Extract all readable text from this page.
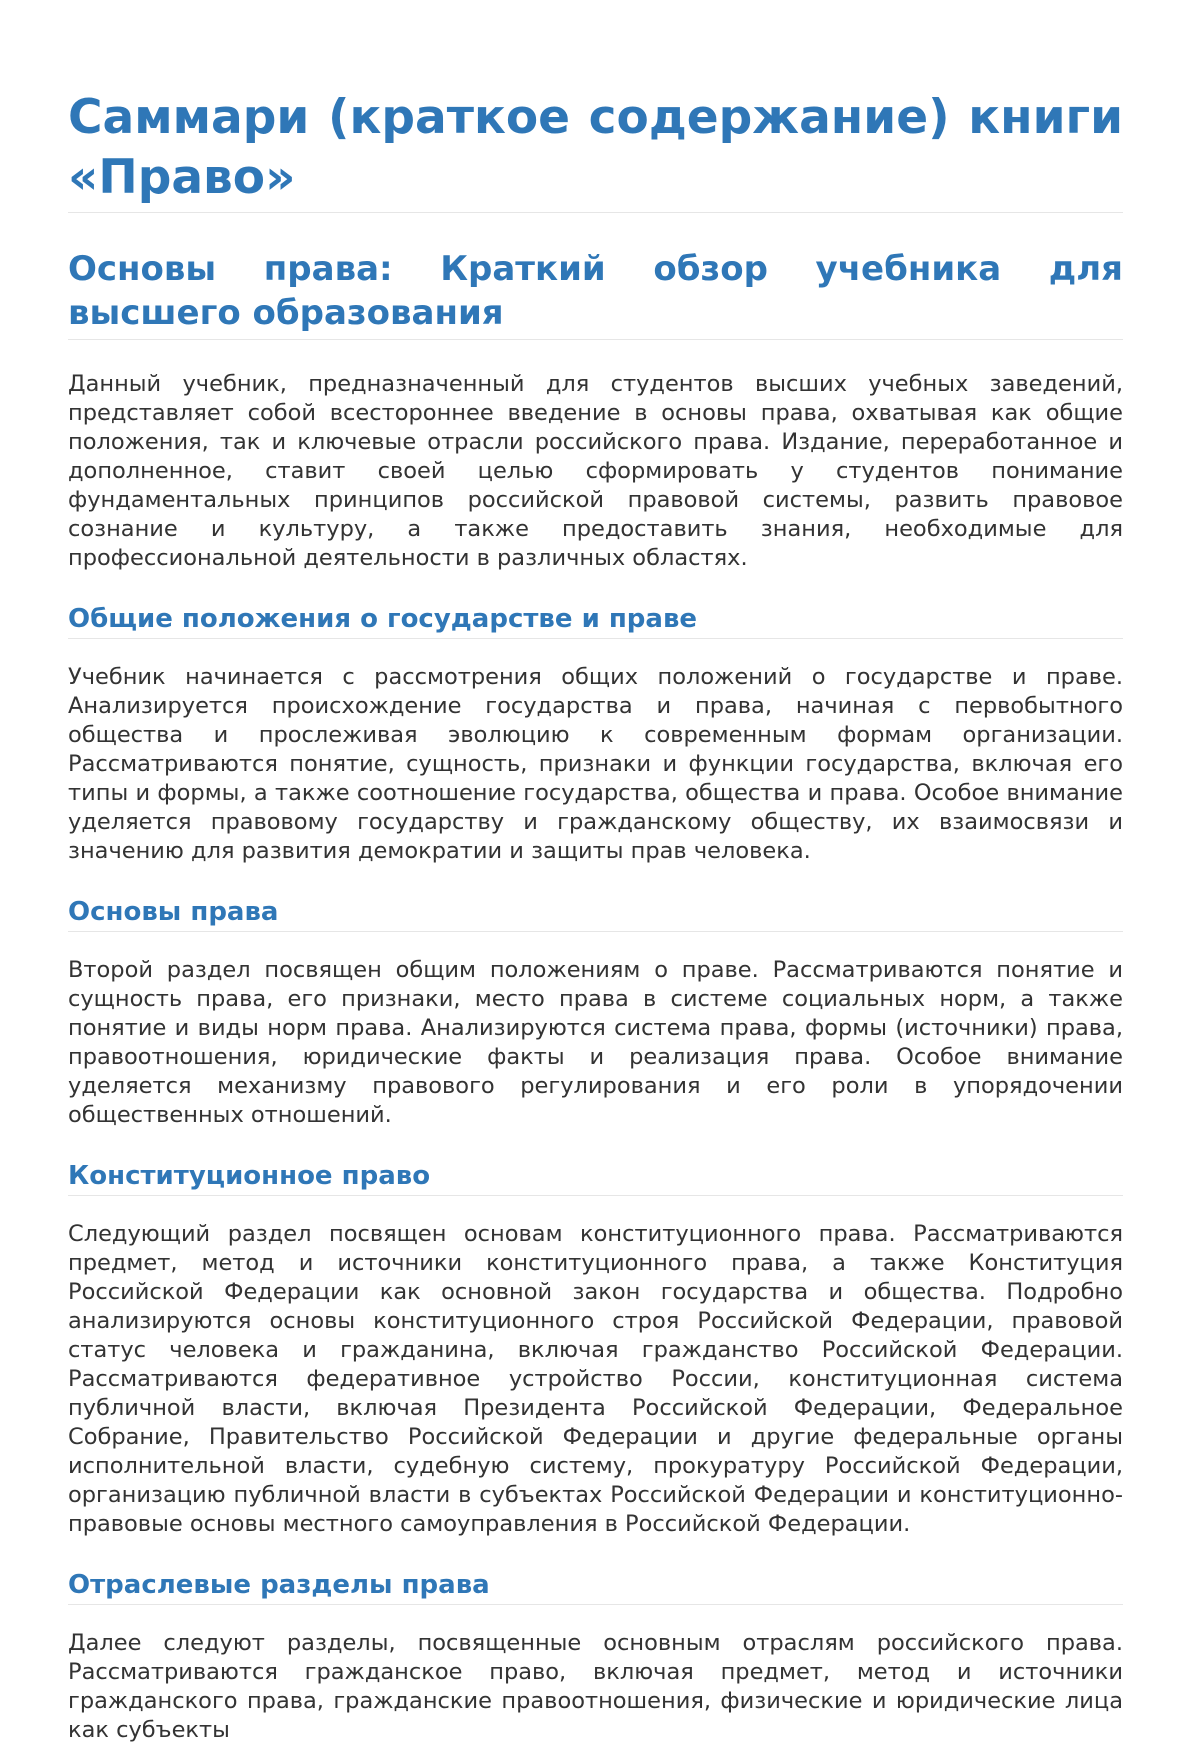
Саммари (краткое содержание) книги «Право»
Основы права: Краткий обзор учебника для высшего образования

Данный учебник, предназначенный для студентов высших учебных заведений, представляет собой всестороннее введение в основы права, охватывая как общие положения, так и ключевые отрасли российского права. Издание, переработанное и дополненное, ставит своей целью сформировать у студентов понимание фундаментальных принципов российской правовой системы, развить правовое сознание и культуру, а также предоставить знания, необходимые для профессиональной деятельности в различных областях.

Общие положения о государстве и праве

Учебник начинается с рассмотрения общих положений о государстве и праве. Анализируется происхождение государства и права, начиная с первобытного общества и прослеживая эволюцию к современным формам организации. Рассматриваются понятие, сущность, признаки и функции государства, включая его типы и формы, а также соотношение государства, общества и права. Особое внимание уделяется правовому государству и гражданскому обществу, их взаимосвязи и значению для развития демократии и защиты прав человека.

Основы права

Второй раздел посвящен общим положениям о праве. Рассматриваются понятие и сущность права, его признаки, место права в системе социальных норм, а также понятие и виды норм права. Анализируются система права, формы (источники) права, правоотношения, юридические факты и реализация права. Особое внимание уделяется механизму правового регулирования и его роли в упорядочении общественных отношений.

Конституционное право

Следующий раздел посвящен основам конституционного права. Рассматриваются предмет, метод и источники конституционного права, а также Конституция Российской Федерации как основной закон государства и общества. Подробно анализируются основы конституционного строя Российской Федерации, правовой статус человека и гражданина, включая гражданство Российской Федерации. Рассматриваются федеративное устройство России, конституционная система публичной власти, включая Президента Российской Федерации, Федеральное Собрание, Правительство Российской Федерации и другие федеральные органы исполнительной власти, судебную систему, прокуратуру Российской Федерации, организацию публичной власти в субъектах Российской Федерации и конституционно-правовые основы местного самоуправления в Российской Федерации.

Отраслевые разделы права

Далее следуют разделы, посвященные основным отраслям российского права. Рассматриваются гражданское право, включая предмет, метод и источники гражданского права, гражданские правоотношения, физические и юридические лица как субъекты
